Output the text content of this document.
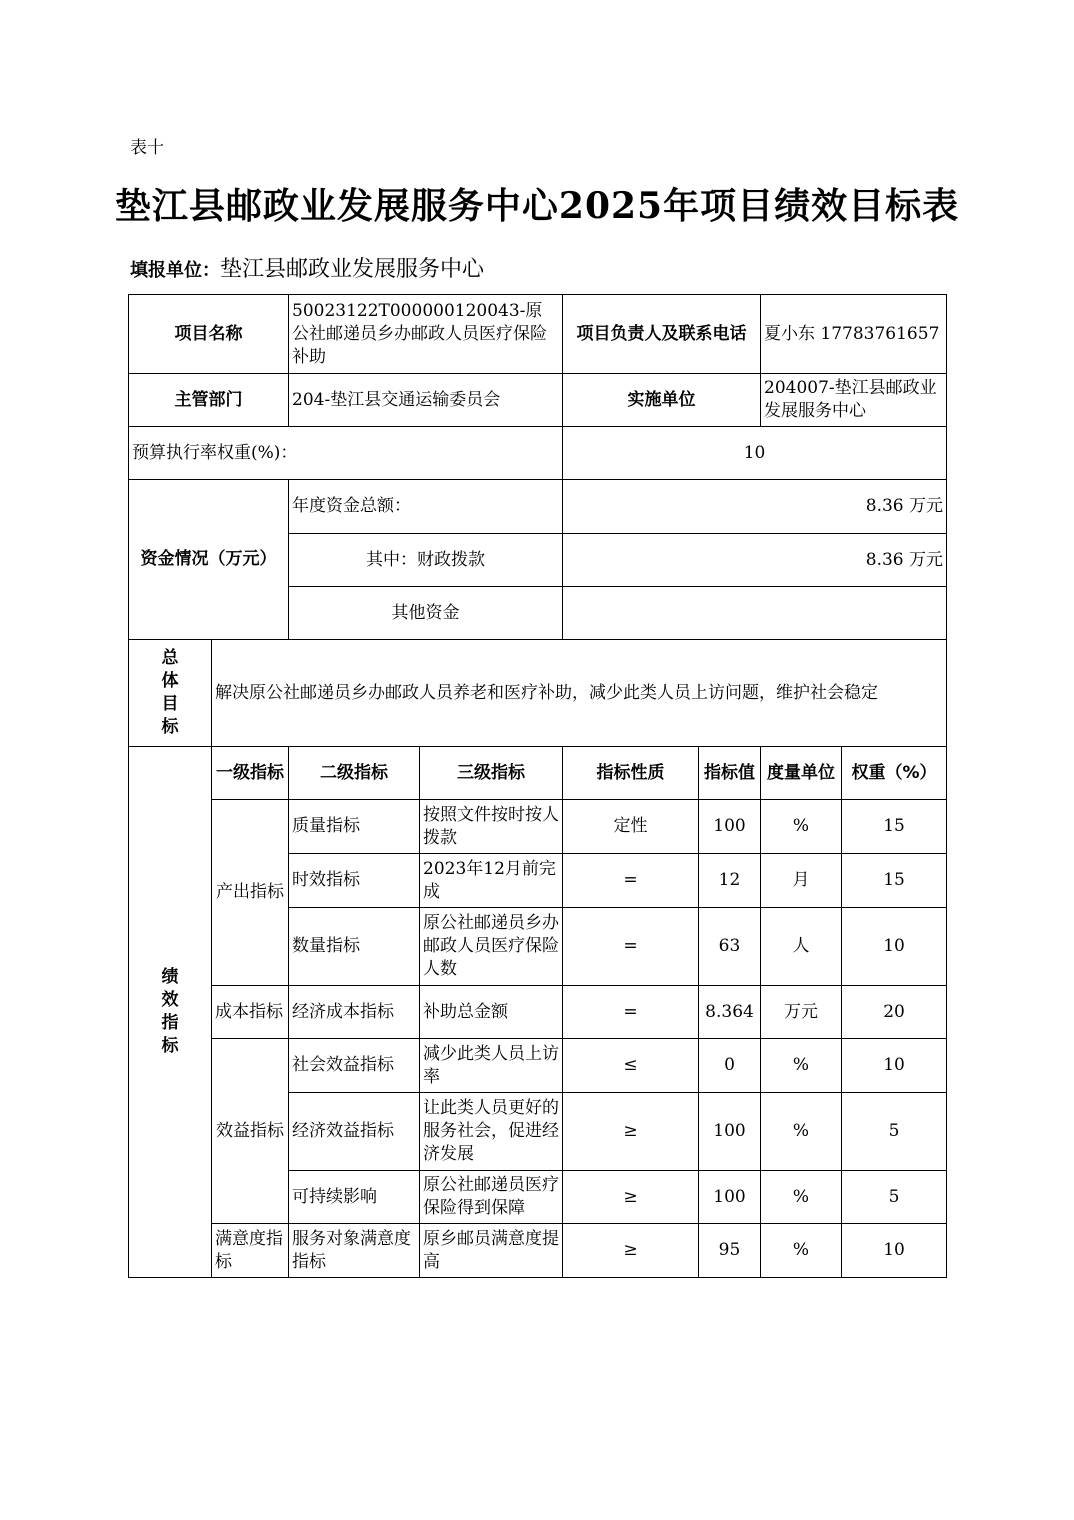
表十
垫江县邮政业发展服务中心2025年项目绩效目标表
填报单位：垫江县邮政业发展服务中心
项目名称		50023122T000000120043-原公社邮递员乡办邮政人员医疗保险补助		项目负责人及联系电话		夏小东 17783761657	
主管部门		204-垫江县交通运输委员会		实施单位		204007-垫江县邮政业发展服务中心	
预算执行率权重(%)：				10			
资金情况（万元）		年度资金总额：		8.36 万元			
		其中：财政拨款		8.36 万元			
		其他资金					

总体目标	解决原公社邮递员乡办邮政人员养老和医疗补助，减少此类人员上访问题，维护社会稳定						

绩效指标	一级指标	二级指标	三级指标	指标性质	指标值	度量单位	权重（%）
	产出指标	质量指标	按照文件按时按人拨款	定性	100	%	15
		时效指标	2023年12月前完成	=	12	月	15
		数量指标	原公社邮递员乡办邮政人员医疗保险人数	=	63	人	10
	成本指标	经济成本指标	补助总金额	=	8.364	万元	20
	效益指标	社会效益指标	减少此类人员上访率	≤	0	%	10
		经济效益指标	让此类人员更好的服务社会，促进经济发展	≥	100	%	5
		可持续影响	原公社邮递员医疗保险得到保障	≥	100	%	5
	满意度指标	服务对象满意度指标	原乡邮员满意度提高	≥	95	%	10
